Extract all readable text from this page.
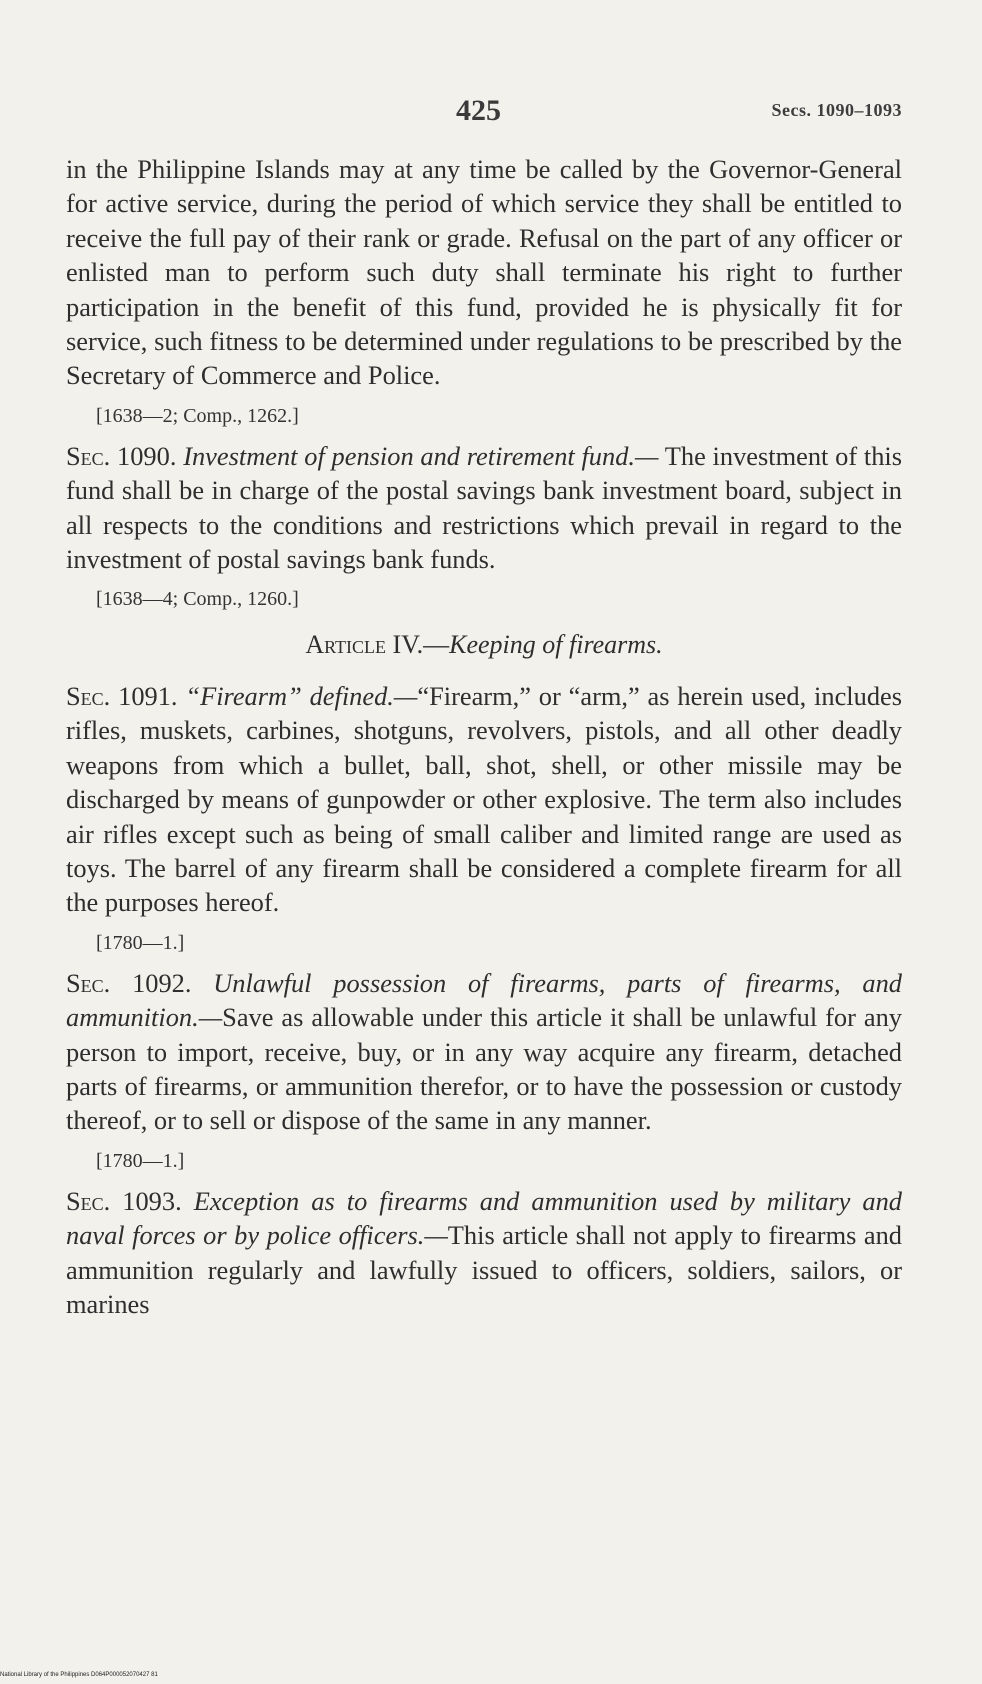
425	Secs. 1090–1093

in the Philippine Islands may at any time be called by the Governor-General for active service, during the period of which service they shall be entitled to receive the full pay of their rank or grade. Refusal on the part of any officer or enlisted man to perform such duty shall terminate his right to further participation in the benefit of this fund, provided he is physically fit for service, such fitness to be determined under regulations to be prescribed by the Secretary of Commerce and Police.

[1638—2; Comp., 1262.]

Sec. 1090. Investment of pension and retirement fund.— The investment of this fund shall be in charge of the postal savings bank investment board, subject in all respects to the conditions and restrictions which prevail in regard to the investment of postal savings bank funds.

[1638—4; Comp., 1260.]
Article IV.—Keeping of firearms.

Sec. 1091. “Firearm” defined.—“Firearm,” or “arm,” as herein used, includes rifles, muskets, carbines, shotguns, revolvers, pistols, and all other deadly weapons from which a bullet, ball, shot, shell, or other missile may be discharged by means of gunpowder or other explosive. The term also includes air rifles except such as being of small caliber and limited range are used as toys. The barrel of any firearm shall be considered a complete firearm for all the purposes hereof.

[1780—1.]

Sec. 1092. Unlawful possession of firearms, parts of firearms, and ammunition.—Save as allowable under this article it shall be unlawful for any person to import, receive, buy, or in any way acquire any firearm, detached parts of firearms, or ammunition therefor, or to have the possession or custody thereof, or to sell or dispose of the same in any manner.

[1780—1.]

Sec. 1093. Exception as to firearms and ammunition used by military and naval forces or by police officers.—This article shall not apply to firearms and ammunition regularly and lawfully issued to officers, soldiers, sailors, or marines

National Library of the Philippines D064P000052070427 81
